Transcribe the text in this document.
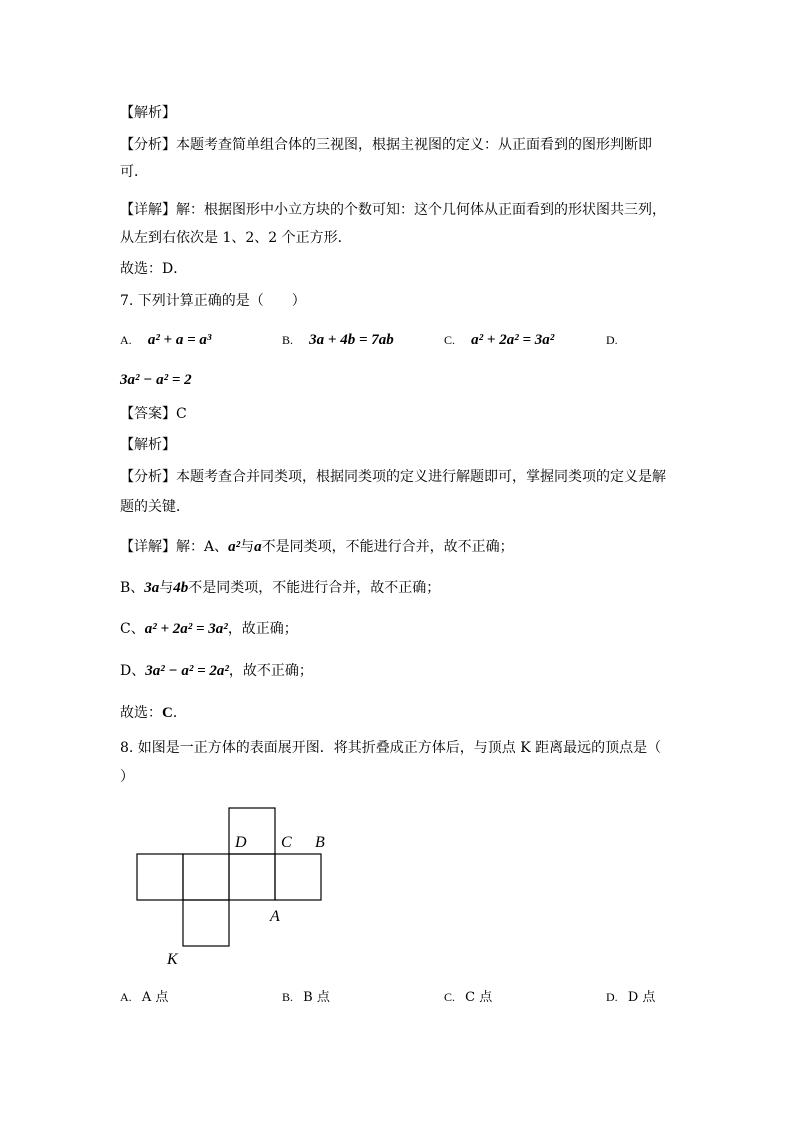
【解析】
【分析】本题考查简单组合体的三视图，根据主视图的定义：从正面看到的图形判断即
可．
【详解】解：根据图形中小立方块的个数可知：这个几何体从正面看到的形状图共三列，
从左到右依次是 1、2、2 个正方形．
故选：D．
7. 下列计算正确的是（　　）
A. a² + a = a³	B. 3a + 4b = 7ab	C. a² + 2a² = 3a²	D.
3a² − a² = 2
【答案】C
【解析】
【分析】本题考查合并同类项，根据同类项的定义进行解题即可，掌握同类项的定义是解
题的关键．
【详解】解：A、a²与a不是同类项，不能进行合并，故不正确；
B、3a与4b不是同类项，不能进行合并，故不正确；
C、a² + 2a² = 3a²，故正确；
D、3a² − a² = 2a²，故不正确；
故选：C．
8. 如图是一正方体的表面展开图．将其折叠成正方体后，与顶点 K 距离最远的顶点是（
）
D C B
A
K
A. A 点	B. B 点	C. C 点	D. D 点
